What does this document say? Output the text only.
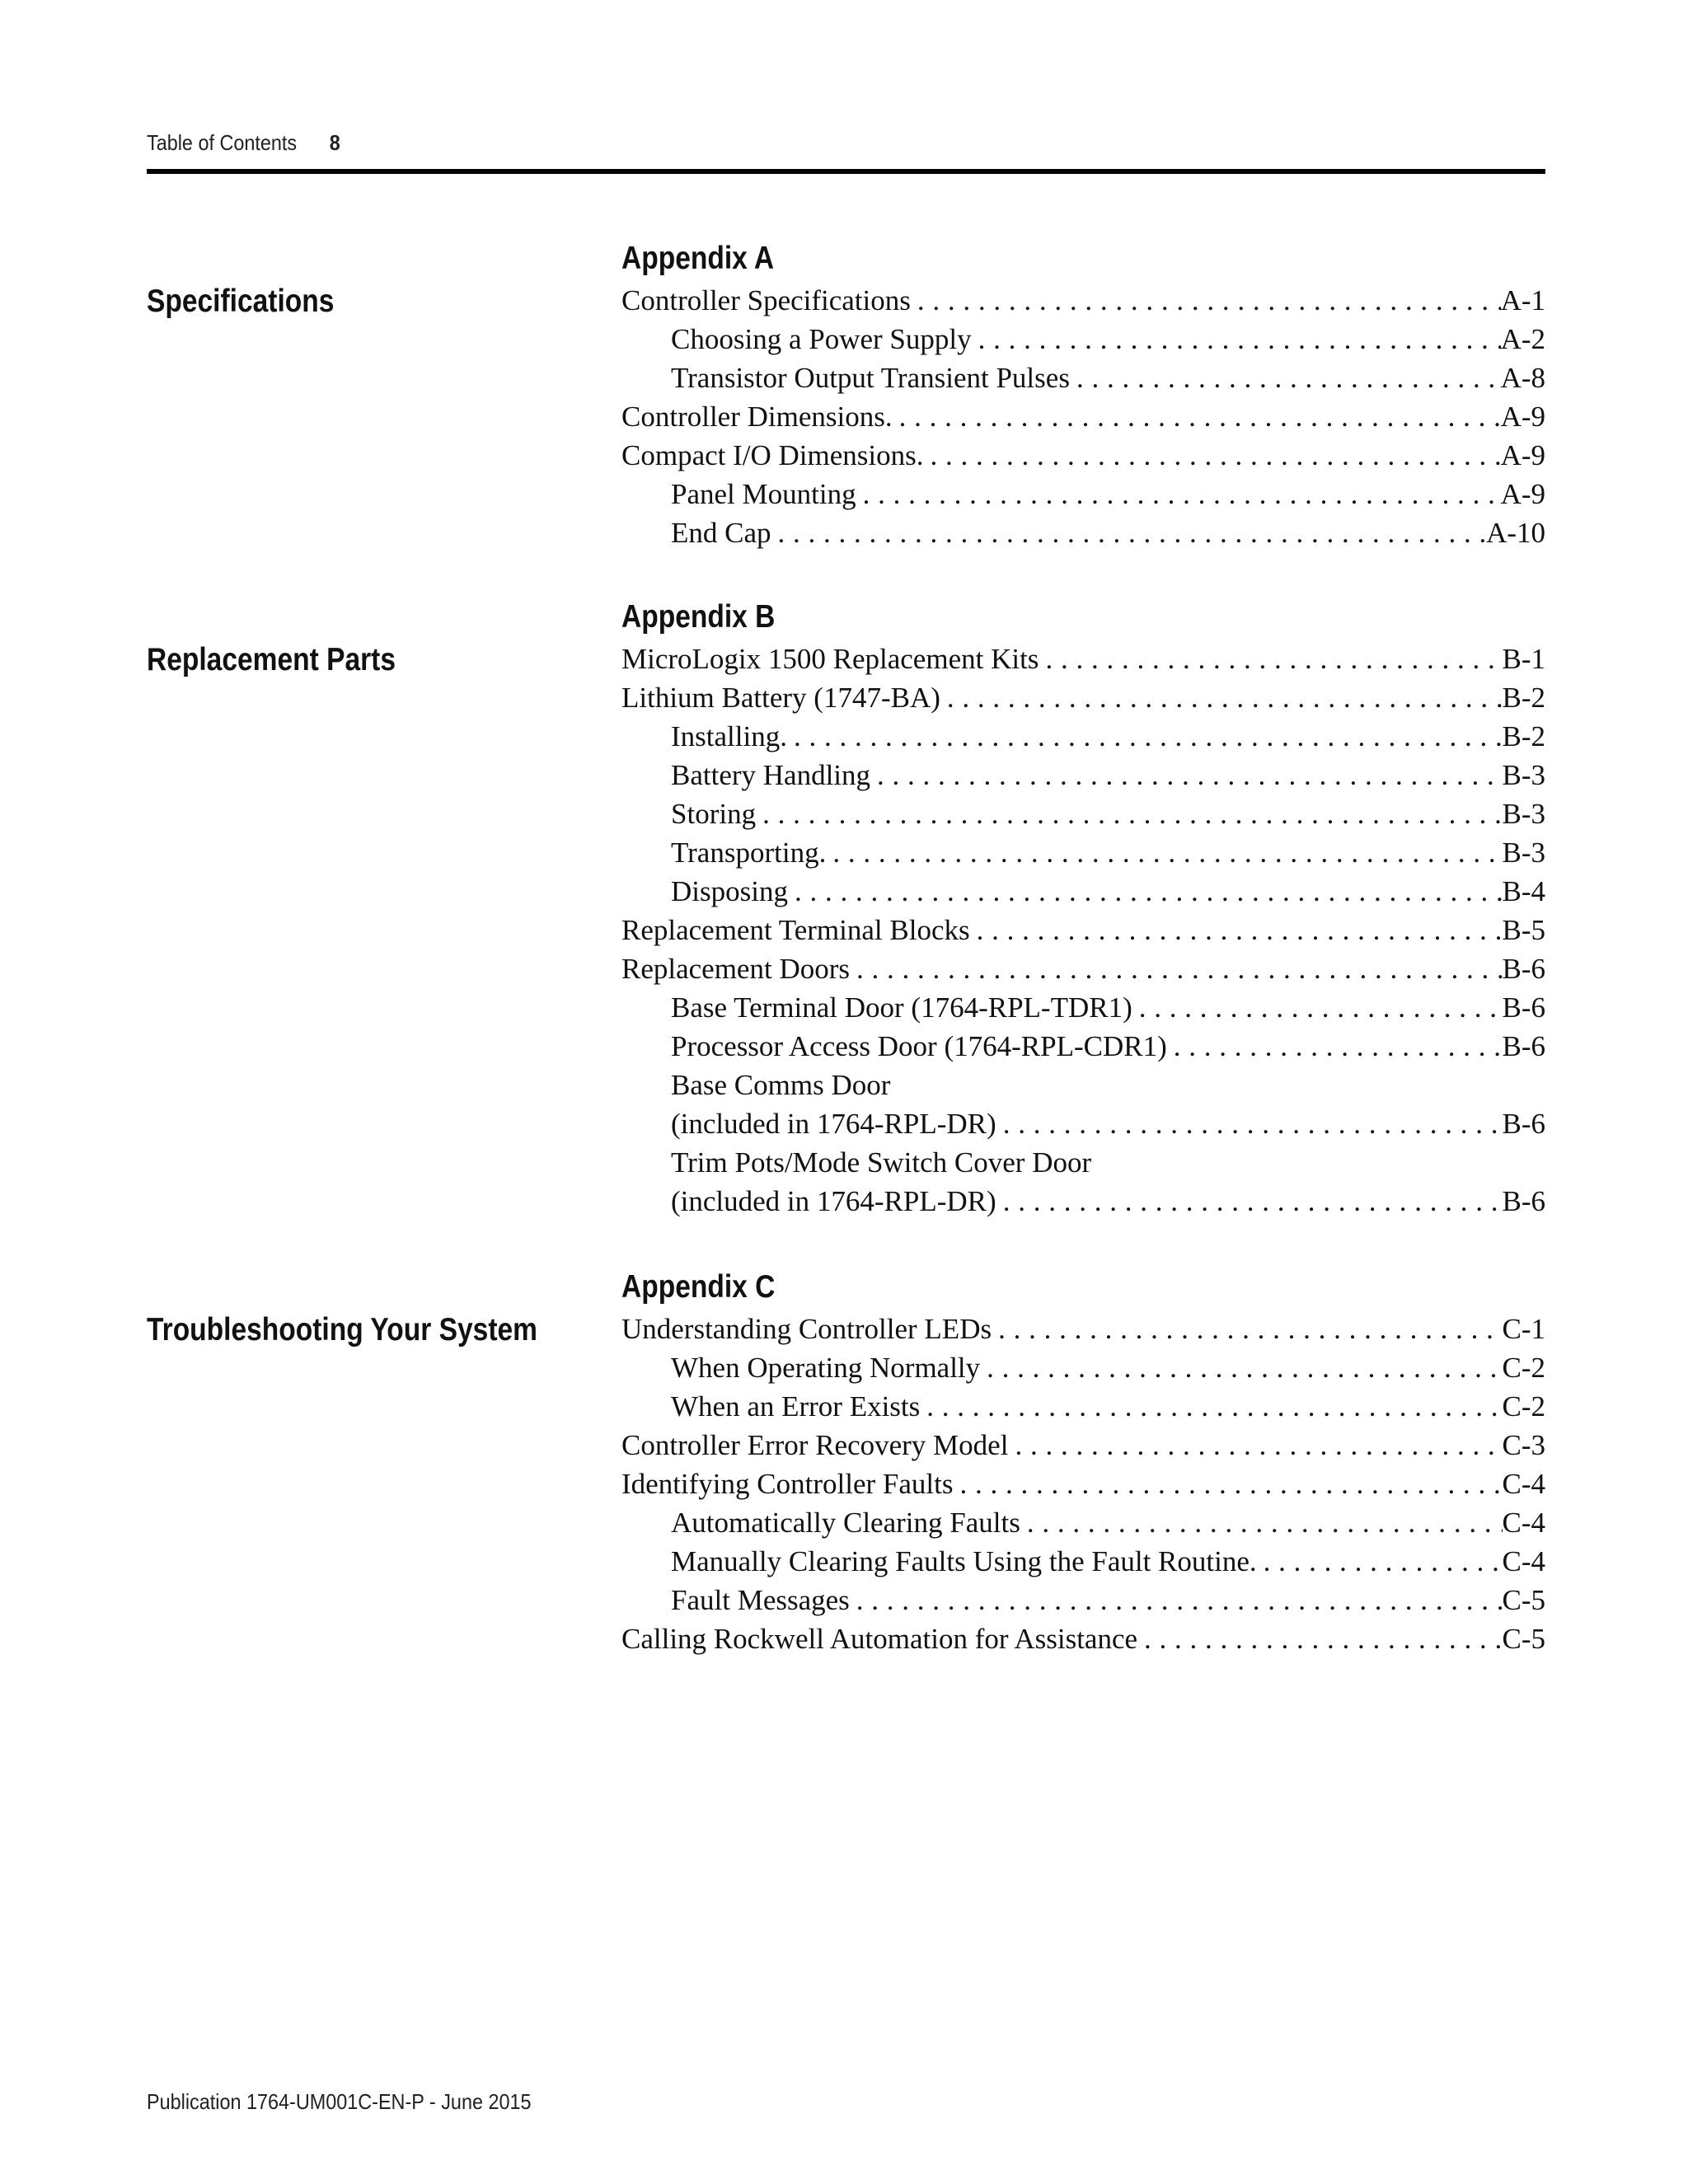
Table of Contents 8
Specifications
Appendix A
Controller Specifications . . .	A-1
Choosing a Power Supply . . .	A-2
Transistor Output Transient Pulses . . .	A-8
Controller Dimensions. . . .	A-9
Compact I/O Dimensions. . . .	A-9
Panel Mounting . . .	A-9
End Cap . . .	A-10
Replacement Parts
Appendix B
MicroLogix 1500 Replacement Kits . . .	B-1
Lithium Battery (1747-BA) . . .	B-2
Installing. . . .	B-2
Battery Handling . . .	B-3
Storing . . .	B-3
Transporting. . . .	B-3
Disposing . . .	B-4
Replacement Terminal Blocks . . .	B-5
Replacement Doors . . .	B-6
Base Terminal Door (1764-RPL-TDR1) . . .	B-6
Processor Access Door (1764-RPL-CDR1) . . .	B-6
Base Comms Door
(included in 1764-RPL-DR) . . .	B-6
Trim Pots/Mode Switch Cover Door
(included in 1764-RPL-DR) . . .	B-6
Troubleshooting Your System
Appendix C
Understanding Controller LEDs . . .	C-1
When Operating Normally . . .	C-2
When an Error Exists . . .	C-2
Controller Error Recovery Model . . .	C-3
Identifying Controller Faults . . .	C-4
Automatically Clearing Faults . . .	C-4
Manually Clearing Faults Using the Fault Routine. . . .	C-4
Fault Messages . . .	C-5
Calling Rockwell Automation for Assistance . . .	C-5
Publication 1764-UM001C-EN-P - June 2015
